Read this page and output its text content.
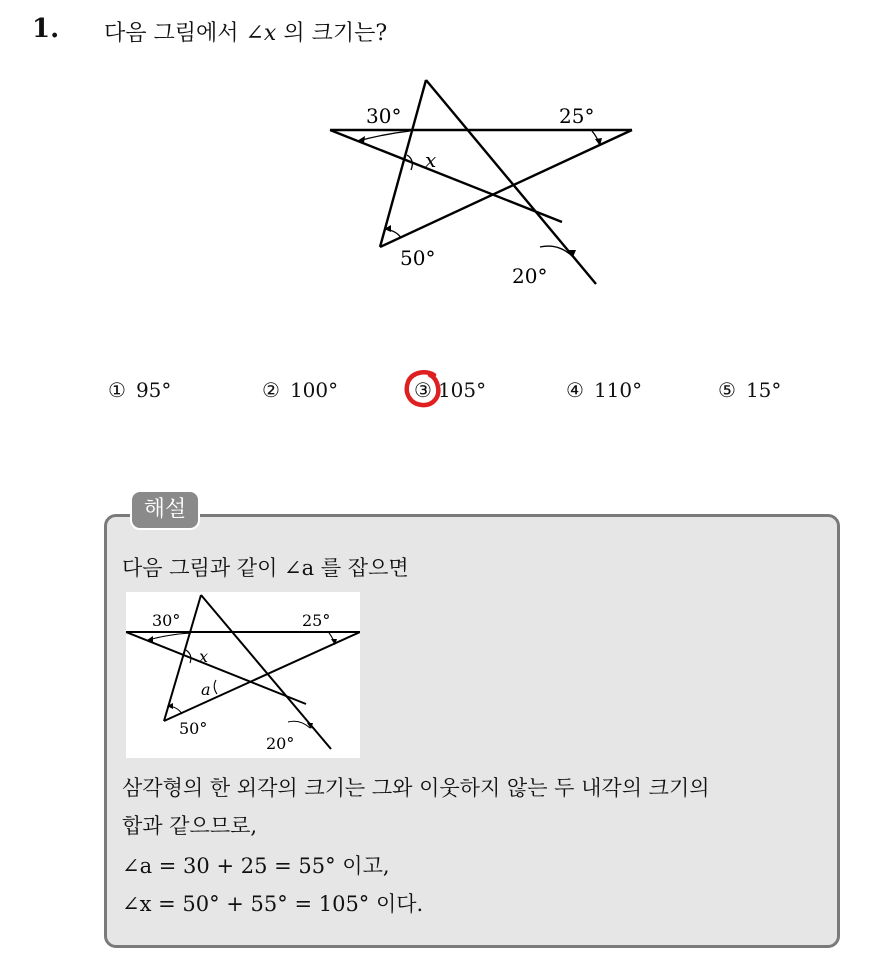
1. 다음 그림에서 ∠x 의 크기는?
30°	25°
50°
20°
x
① 95°	② 100°	③ 105°	④ 110°	⑤ 15°
해설
다음 그림과 같이 ∠a 를 잡으면
30°	25°
50°
20°
x
a
삼각형의 한 외각의 크기는 그와 이웃하지 않는 두 내각의 크기의
합과 같으므로,
∠a = 30 + 25 = 55° 이고,
∠x = 50° + 55° = 105° 이다.
